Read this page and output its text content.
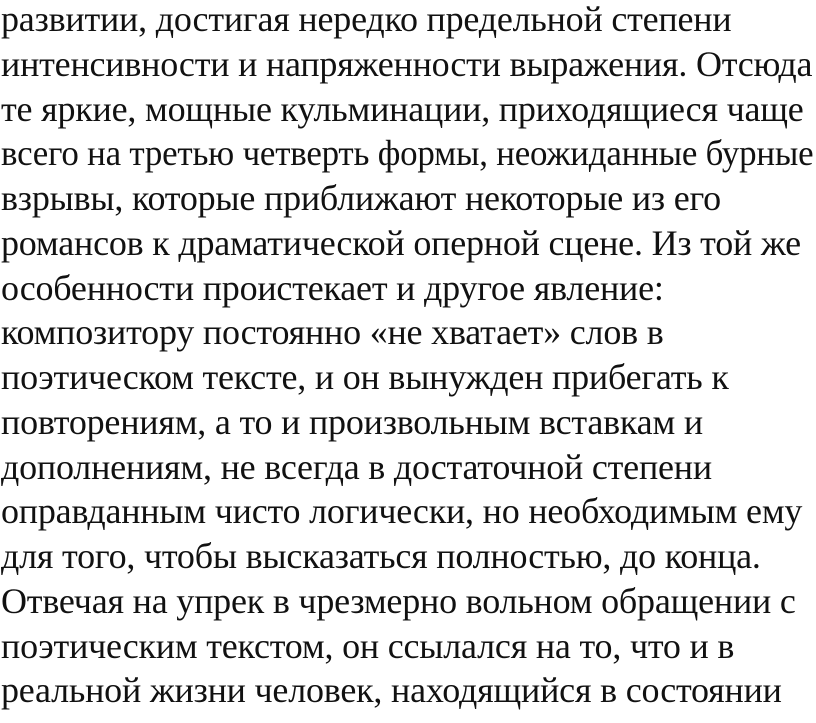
развитии, достигая нередко предельной степени
интенсивности и напряженности выражения. Отсюда
те яркие, мощные кульминации, приходящиеся чаще
всего на третью четверть формы, неожиданные бурные
взрывы, которые приближают некоторые из его
романсов к драматической оперной сцене. Из той же
особенности проистекает и другое явление:
композитору постоянно «не хватает» слов в
поэтическом тексте, и он вынужден прибегать к
повторениям, а то и произвольным вставкам и
дополнениям, не всегда в достаточной степени
оправданным чисто логически, но необходимым ему
для того, чтобы высказаться полностью, до конца.
Отвечая на упрек в чрезмерно вольном обращении с
поэтическим текстом, он ссылался на то, что и в
реальной жизни человек, находящийся в состоянии
